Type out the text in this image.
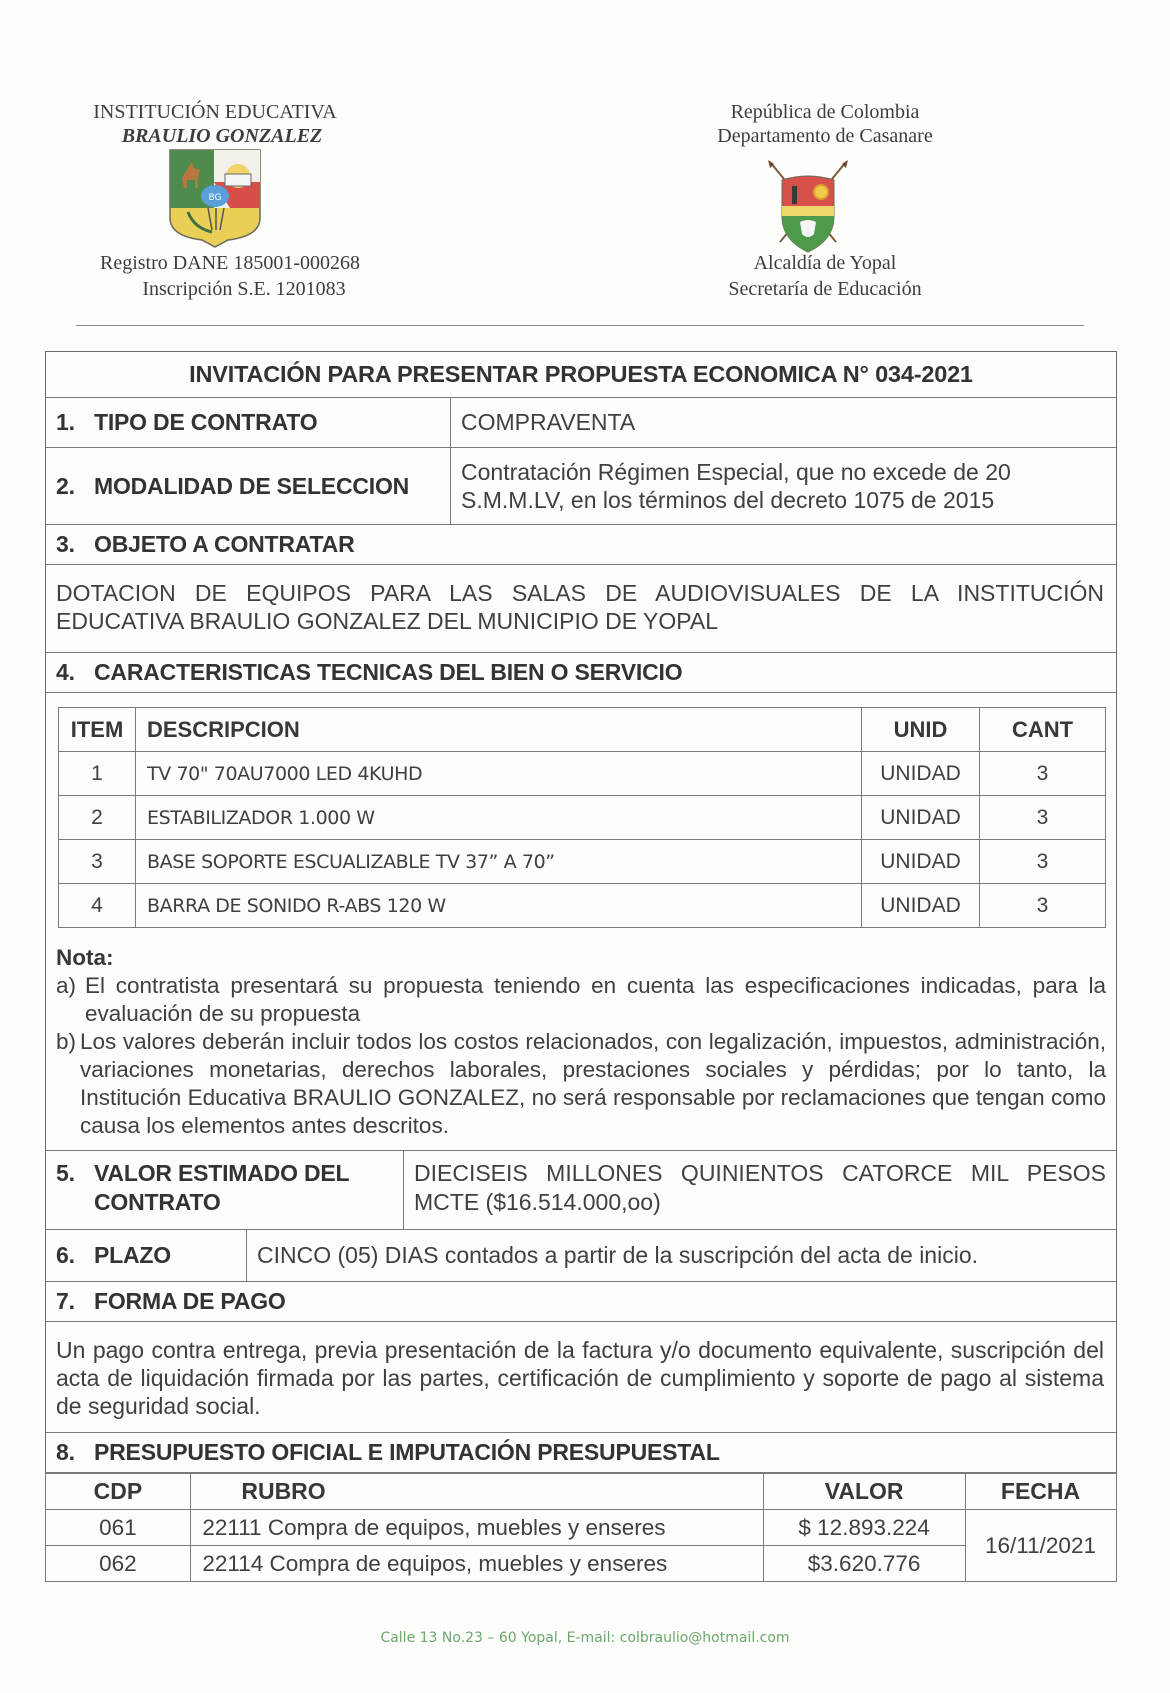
INSTITUCIÓN EDUCATIVA
BRAULIO GONZALEZ
BG
Registro DANE 185001-000268
Inscripción S.E. 1201083
República de Colombia
Departamento de Casanare
Alcaldía de Yopal
Secretaría de Educación
INVITACIÓN PARA PRESENTAR PROPUESTA ECONOMICA N° 034-2021
1. TIPO DE CONTRATO	COMPRAVENTA
2. MODALIDAD DE SELECCION
Contratación Régimen Especial, que no excede de 20
S.M.M.LV, en los términos del decreto 1075 de 2015
3. OBJETO A CONTRATAR
DOTACION DE EQUIPOS PARA LAS SALAS DE AUDIOVISUALES DE LA INSTITUCIÓN EDUCATIVA BRAULIO GONZALEZ DEL MUNICIPIO DE YOPAL
4. CARACTERISTICAS TECNICAS DEL BIEN O SERVICIO
ITEM	DESCRIPCION	UNID	CANT
1	TV 70" 70AU7000 LED 4KUHD	UNIDAD	3
2	ESTABILIZADOR 1.000 W	UNIDAD	3
3	BASE SOPORTE ESCUALIZABLE TV 37” A 70”	UNIDAD	3
4	BARRA DE SONIDO R-ABS 120 W	UNIDAD	3
Nota:
a) El contratista presentará su propuesta teniendo en cuenta las especificaciones indicadas, para la evaluación de su propuesta
b) Los valores deberán incluir todos los costos relacionados, con legalización, impuestos, administración, variaciones monetarias, derechos laborales, prestaciones sociales y pérdidas; por lo tanto, la Institución Educativa BRAULIO GONZALEZ, no será responsable por reclamaciones que tengan como causa los elementos antes descritos.
5. VALOR ESTIMADO DEL
CONTRATO
DIECISEIS MILLONES QUINIENTOS CATORCE MIL PESOS MCTE ($16.514.000,oo)
6. PLAZO	CINCO (05) DIAS contados a partir de la suscripción del acta de inicio.
7. FORMA DE PAGO
Un pago contra entrega, previa presentación de la factura y/o documento equivalente, suscripción del acta de liquidación firmada por las partes, certificación de cumplimiento y soporte de pago al sistema de seguridad social.
8. PRESUPUESTO OFICIAL E IMPUTACIÓN PRESUPUESTAL
CDP	RUBRO	VALOR	FECHA
061	22111 Compra de equipos, muebles y enseres	$ 12.893.224	16/11/2021
062	22114 Compra de equipos, muebles y enseres	$3.620.776	
Calle 13 No.23 – 60 Yopal, E-mail: colbraulio@hotmail.com
